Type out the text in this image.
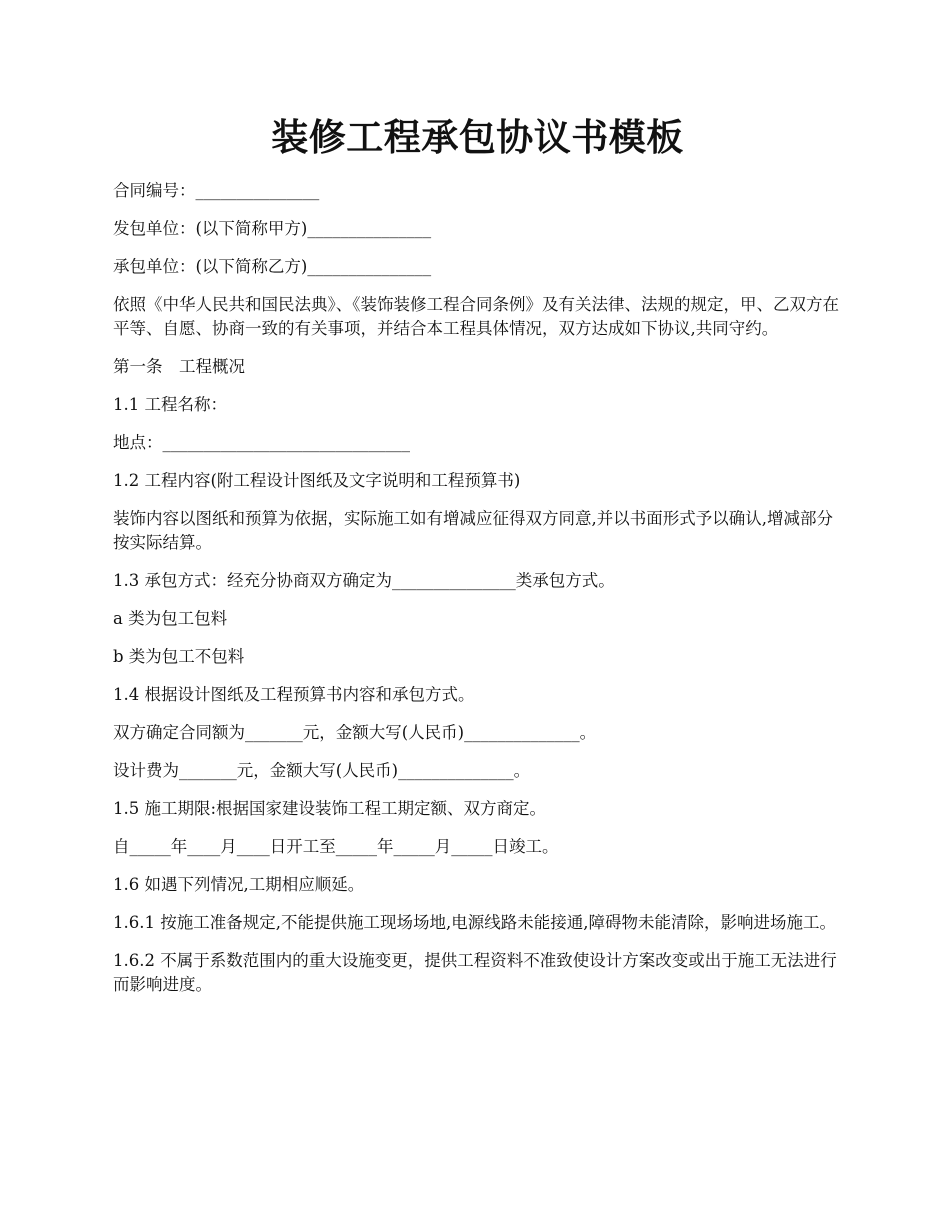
装修工程承包协议书模板

合同编号：_______________

发包单位：(以下简称甲方)_______________

承包单位：(以下简称乙方)_______________

依照《中华人民共和国民法典》、《装饰装修工程合同条例》及有关法律、法规的规定，甲、乙双方在平等、自愿、协商一致的有关事项，并结合本工程具体情况，双方达成如下协议,共同守约。

第一条　工程概况

1.1 工程名称：

地点：______________________________

1.2 工程内容(附工程设计图纸及文字说明和工程预算书)

装饰内容以图纸和预算为依据，实际施工如有增减应征得双方同意,并以书面形式予以确认,增减部分按实际结算。

1.3 承包方式：经充分协商双方确定为_______________类承包方式。

a 类为包工包料

b 类为包工不包料

1.4 根据设计图纸及工程预算书内容和承包方式。

双方确定合同额为_______元，金额大写(人民币)______________。

设计费为_______元，金额大写(人民币)______________。

1.5 施工期限:根据国家建设装饰工程工期定额、双方商定。

自_____年____月____日开工至_____年_____月_____日竣工。

1.6 如遇下列情况,工期相应顺延。

1.6.1 按施工准备规定,不能提供施工现场场地,电源线路未能接通,障碍物未能清除，影响进场施工。

1.6.2 不属于系数范围内的重大设施变更，提供工程资料不准致使设计方案改变或出于施工无法进行而影响进度。
